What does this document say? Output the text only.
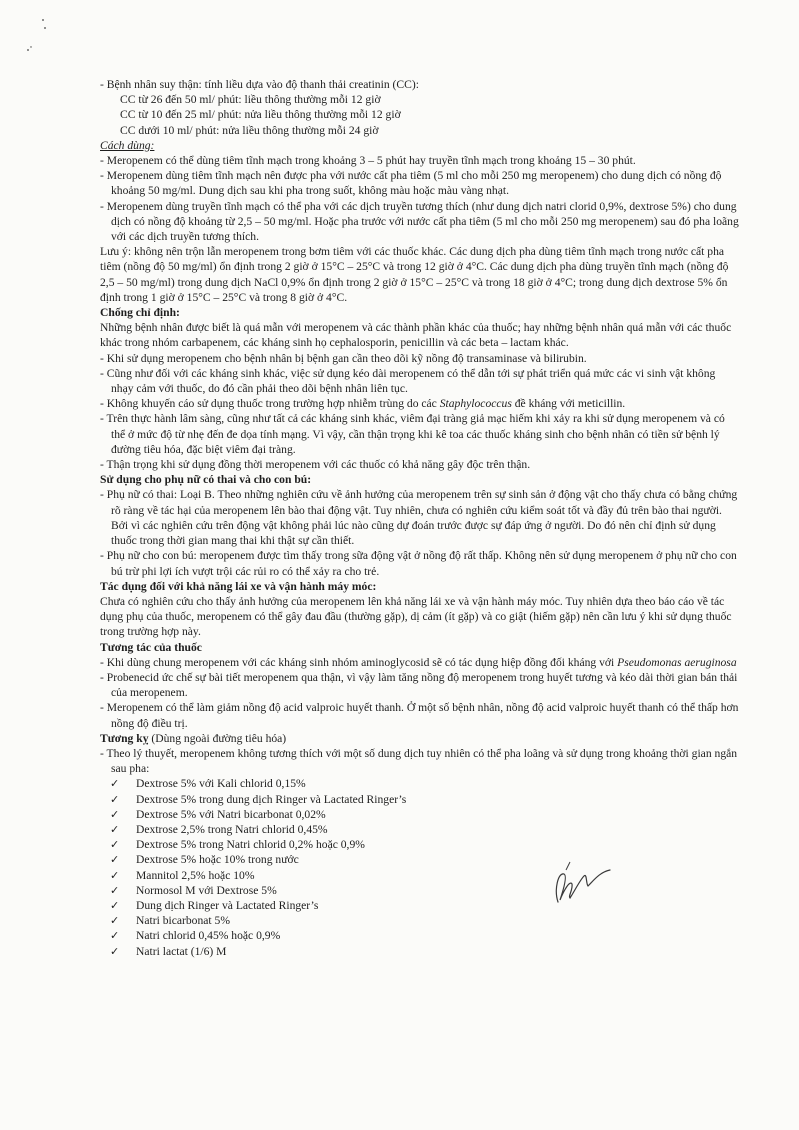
- Bệnh nhân suy thận: tính liều dựa vào độ thanh thải creatinin (CC):

CC từ 26 đến 50 ml/ phút: liều thông thường mỗi 12 giờ

CC từ 10 đến 25 ml/ phút: nửa liều thông thường mỗi 12 giờ

CC dưới 10 ml/ phút: nửa liều thông thường mỗi 24 giờ

Cách dùng:

- Meropenem có thể dùng tiêm tĩnh mạch trong khoảng 3 – 5 phút hay truyền tĩnh mạch trong khoảng 15 – 30 phút.

- Meropenem dùng tiêm tĩnh mạch nên được pha với nước cất pha tiêm (5 ml cho mỗi 250 mg meropenem) cho dung dịch có nồng độ khoảng 50 mg/ml. Dung dịch sau khi pha trong suốt, không màu hoặc màu vàng nhạt.

- Meropenem dùng truyền tĩnh mạch có thể pha với các dịch truyền tương thích (như dung dịch natri clorid 0,9%, dextrose 5%) cho dung dịch có nồng độ khoảng từ 2,5 – 50 mg/ml. Hoặc pha trước với nước cất pha tiêm (5 ml cho mỗi 250 mg meropenem) sau đó pha loãng với các dịch truyền tương thích.

Lưu ý: không nên trộn lẫn meropenem trong bơm tiêm với các thuốc khác. Các dung dịch pha dùng tiêm tĩnh mạch trong nước cất pha tiêm (nồng độ 50 mg/ml) ổn định trong 2 giờ ở 15°C – 25°C và trong 12 giờ ở 4°C. Các dung dịch pha dùng truyền tĩnh mạch (nồng độ 2,5 – 50 mg/ml) trong dung dịch NaCl 0,9% ổn định trong 2 giờ ở 15°C – 25°C và trong 18 giờ ở 4°C; trong dung dịch dextrose 5% ổn định trong 1 giờ ở 15°C – 25°C và trong 8 giờ ở 4°C.

Chống chỉ định:

Những bệnh nhân được biết là quá mẫn với meropenem và các thành phần khác của thuốc; hay những bệnh nhân quá mẫn với các thuốc khác trong nhóm carbapenem, các kháng sinh họ cephalosporin, penicillin và các beta – lactam khác.

- Khi sử dụng meropenem cho bệnh nhân bị bệnh gan cần theo dõi kỹ nồng độ transaminase và bilirubin.

- Cũng như đối với các kháng sinh khác, việc sử dụng kéo dài meropenem có thể dẫn tới sự phát triển quá mức các vi sinh vật không nhạy cảm với thuốc, do đó cần phải theo dõi bệnh nhân liên tục.

- Không khuyến cáo sử dụng thuốc trong trường hợp nhiễm trùng do các Staphylococcus đề kháng với meticillin.

- Trên thực hành lâm sàng, cũng như tất cả các kháng sinh khác, viêm đại tràng giả mạc hiếm khi xảy ra khi sử dụng meropenem và có thể ở mức độ từ nhẹ đến đe dọa tính mạng. Vì vậy, cần thận trọng khi kê toa các thuốc kháng sinh cho bệnh nhân có tiền sử bệnh lý đường tiêu hóa, đặc biệt viêm đại tràng.

- Thận trọng khi sử dụng đồng thời meropenem với các thuốc có khả năng gây độc trên thận.

Sử dụng cho phụ nữ có thai và cho con bú:

- Phụ nữ có thai: Loại B. Theo những nghiên cứu về ảnh hưởng của meropenem trên sự sinh sản ở động vật cho thấy chưa có bằng chứng rõ ràng về tác hại của meropenem lên bào thai động vật. Tuy nhiên, chưa có nghiên cứu kiểm soát tốt và đầy đủ trên bào thai người. Bởi vì các nghiên cứu trên động vật không phải lúc nào cũng dự đoán trước được sự đáp ứng ở người. Do đó nên chỉ định sử dụng thuốc trong thời gian mang thai khi thật sự cần thiết.

- Phụ nữ cho con bú: meropenem được tìm thấy trong sữa động vật ở nồng độ rất thấp. Không nên sử dụng meropenem ở phụ nữ cho con bú trừ phi lợi ích vượt trội các rủi ro có thể xảy ra cho trẻ.

Tác dụng đối với khả năng lái xe và vận hành máy móc:

Chưa có nghiên cứu cho thấy ảnh hưởng của meropenem lên khả năng lái xe và vận hành máy móc. Tuy nhiên dựa theo báo cáo về tác dụng phụ của thuốc, meropenem có thể gây đau đầu (thường gặp), dị cảm (ít gặp) và co giật (hiếm gặp) nên cần lưu ý khi sử dụng thuốc trong trường hợp này.

Tương tác của thuốc

- Khi dùng chung meropenem với các kháng sinh nhóm aminoglycosid sẽ có tác dụng hiệp đồng đối kháng với Pseudomonas aeruginosa

- Probenecid ức chế sự bài tiết meropenem qua thận, vì vậy làm tăng nồng độ meropenem trong huyết tương và kéo dài thời gian bán thải của meropenem.

- Meropenem có thể làm giảm nồng độ acid valproic huyết thanh. Ở một số bệnh nhân, nồng độ acid valproic huyết thanh có thể thấp hơn nồng độ điều trị.

Tương kỵ (Dùng ngoài đường tiêu hóa)

- Theo lý thuyết, meropenem không tương thích với một số dung dịch tuy nhiên có thể pha loãng và sử dụng trong khoảng thời gian ngắn sau pha:

✓	Dextrose 5% với Kali chlorid 0,15%
✓	Dextrose 5% trong dung dịch Ringer và Lactated Ringer’s
✓	Dextrose 5% với Natri bicarbonat 0,02%
✓	Dextrose 2,5% trong Natri chlorid 0,45%
✓	Dextrose 5% trong Natri chlorid 0,2% hoặc 0,9%
✓	Dextrose 5% hoặc 10% trong nước
✓	Mannitol 2,5% hoặc 10%
✓	Normosol M với Dextrose 5%
✓	Dung dịch Ringer và Lactated Ringer’s
✓	Natri bicarbonat 5%
✓	Natri chlorid 0,45% hoặc 0,9%
✓	Natri lactat (1/6) M
